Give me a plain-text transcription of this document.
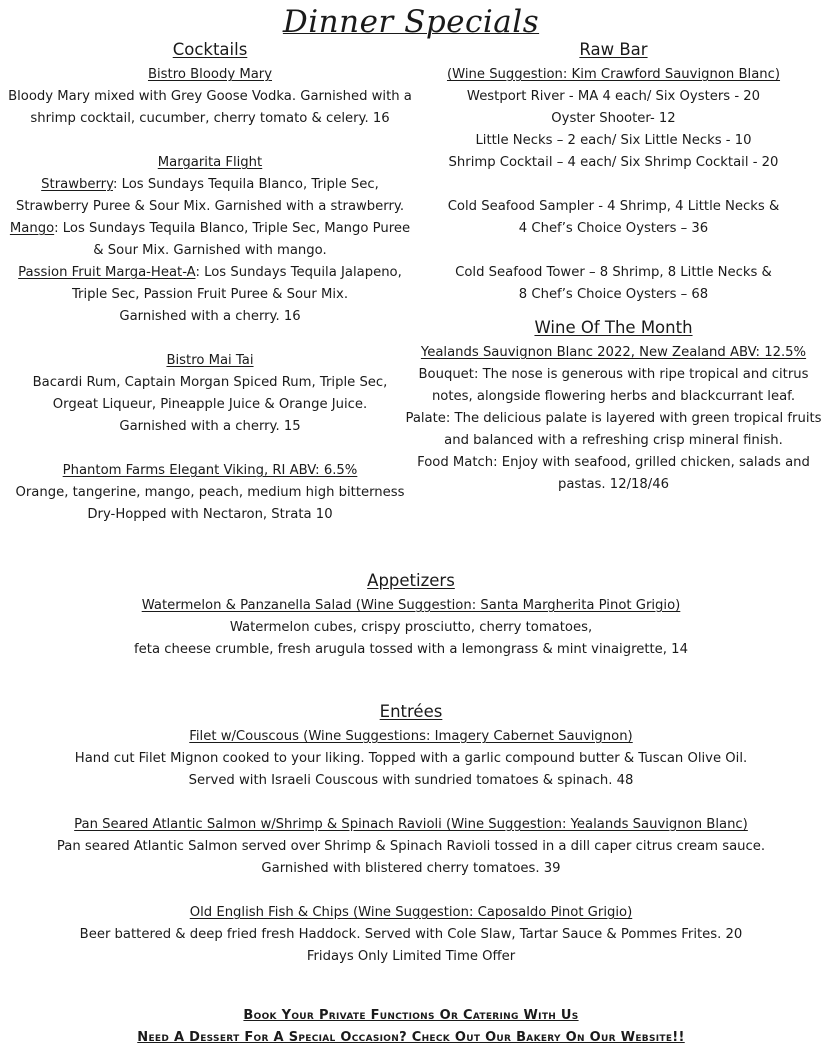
Dinner Specials
Cocktails

Bistro Bloody Mary

Bloody Mary mixed with Grey Goose Vodka. Garnished with a

shrimp cocktail, cucumber, cherry tomato & celery. 16

Margarita Flight

Strawberry: Los Sundays Tequila Blanco, Triple Sec,

Strawberry Puree & Sour Mix. Garnished with a strawberry.

Mango: Los Sundays Tequila Blanco, Triple Sec, Mango Puree

& Sour Mix. Garnished with mango.

Passion Fruit Marga-Heat-A: Los Sundays Tequila Jalapeno,

Triple Sec, Passion Fruit Puree & Sour Mix.

Garnished with a cherry. 16

Bistro Mai Tai

Bacardi Rum, Captain Morgan Spiced Rum, Triple Sec,

Orgeat Liqueur, Pineapple Juice & Orange Juice.

Garnished with a cherry. 15

Phantom Farms Elegant Viking, RI ABV: 6.5%

Orange, tangerine, mango, peach, medium high bitterness

Dry-Hopped with Nectaron, Strata 10

Raw Bar

(Wine Suggestion: Kim Crawford Sauvignon Blanc)

Westport River - MA 4 each/ Six Oysters - 20

Oyster Shooter- 12

Little Necks – 2 each/ Six Little Necks - 10

Shrimp Cocktail – 4 each/ Six Shrimp Cocktail - 20

Cold Seafood Sampler - 4 Shrimp, 4 Little Necks &

4 Chef’s Choice Oysters – 36

Cold Seafood Tower – 8 Shrimp, 8 Little Necks &

8 Chef’s Choice Oysters – 68

Wine Of The Month

Yealands Sauvignon Blanc 2022, New Zealand ABV: 12.5%

Bouquet: The nose is generous with ripe tropical and citrus

notes, alongside flowering herbs and blackcurrant leaf.

Palate: The delicious palate is layered with green tropical fruits

and balanced with a refreshing crisp mineral finish.

Food Match: Enjoy with seafood, grilled chicken, salads and

pastas. 12/18/46

Appetizers

Watermelon & Panzanella Salad (Wine Suggestion: Santa Margherita Pinot Grigio)

Watermelon cubes, crispy prosciutto, cherry tomatoes,

feta cheese crumble, fresh arugula tossed with a lemongrass & mint vinaigrette, 14

Entrées

Filet w/Couscous (Wine Suggestions: Imagery Cabernet Sauvignon)

Hand cut Filet Mignon cooked to your liking. Topped with a garlic compound butter & Tuscan Olive Oil.

Served with Israeli Couscous with sundried tomatoes & spinach. 48

Pan Seared Atlantic Salmon w/Shrimp & Spinach Ravioli (Wine Suggestion: Yealands Sauvignon Blanc)

Pan seared Atlantic Salmon served over Shrimp & Spinach Ravioli tossed in a dill caper citrus cream sauce.

Garnished with blistered cherry tomatoes. 39

Old English Fish & Chips (Wine Suggestion: Caposaldo Pinot Grigio)

Beer battered & deep fried fresh Haddock. Served with Cole Slaw, Tartar Sauce & Pommes Frites. 20

Fridays Only Limited Time Offer

Book Your Private Functions Or Catering With Us
Need A Dessert For A Special Occasion? Check Out Our Bakery On Our Website!!
